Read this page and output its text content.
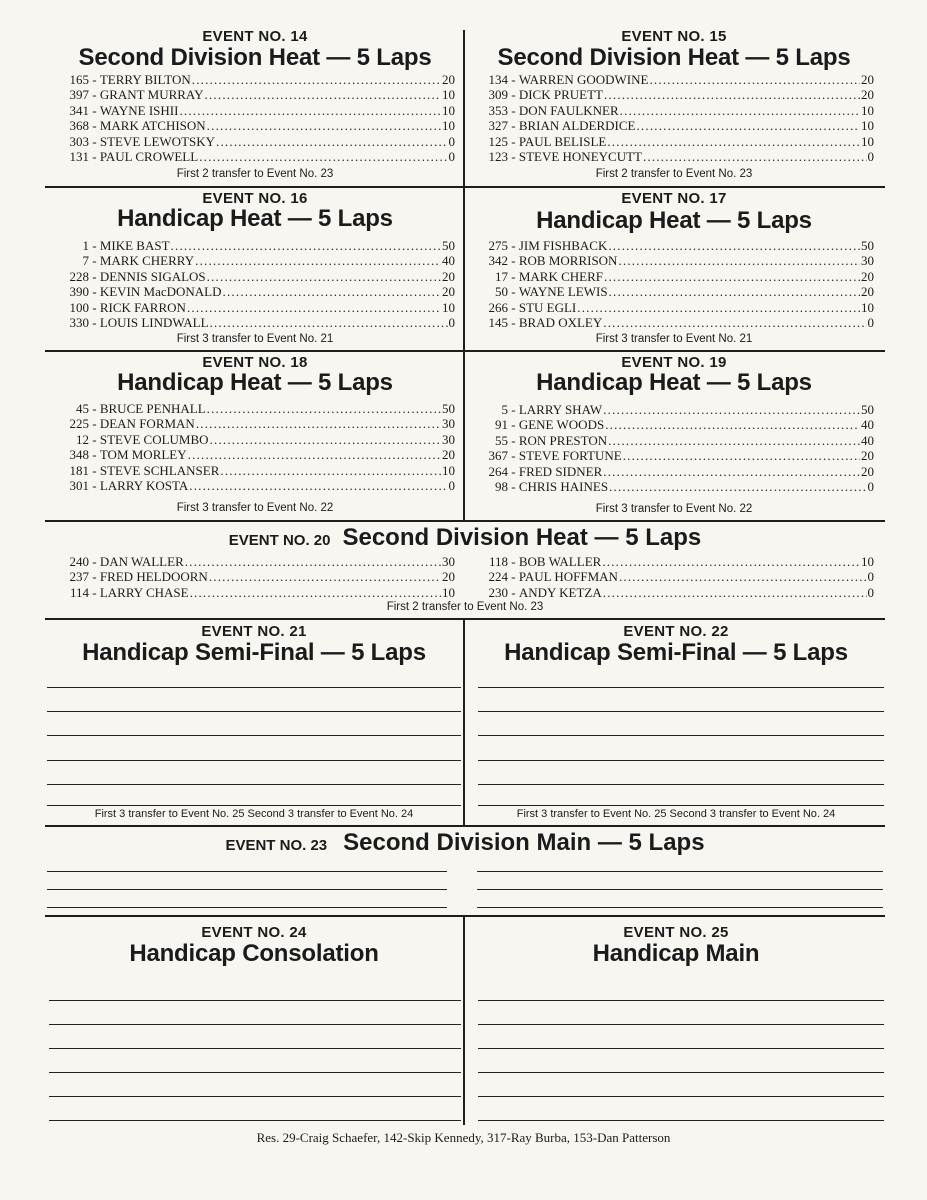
EVENT NO. 14
Second Division Heat — 5 Laps
165 - TERRY BILTON .....	20
397 - GRANT MURRAY .....	10
341 - WAYNE ISHII .....	10
368 - MARK ATCHISON .....	10
303 - STEVE LEWOTSKY .....	0
131 - PAUL CROWELL .....	0
First 2 transfer to Event No. 23
EVENT NO. 15
Second Division Heat — 5 Laps
134 - WARREN GOODWINE .....	20
309 - DICK PRUETT .....	20
353 - DON FAULKNER .....	10
327 - BRIAN ALDERDICE .....	10
125 - PAUL BELISLE .....	10
123 - STEVE HONEYCUTT .....	0
First 2 transfer to Event No. 23
EVENT NO. 16
Handicap Heat — 5 Laps
1 - MIKE BAST .....	50
7 - MARK CHERRY .....	40
228 - DENNIS SIGALOS .....	20
390 - KEVIN MacDONALD .....	20
100 - RICK FARRON .....	10
330 - LOUIS LINDWALL .....	0
First 3 transfer to Event No. 21
EVENT NO. 17
Handicap Heat — 5 Laps
275 - JIM FISHBACK .....	50
342 - ROB MORRISON .....	30
17 - MARK CHERF .....	20
50 - WAYNE LEWIS .....	20
266 - STU EGLI .....	10
145 - BRAD OXLEY .....	0
First 3 transfer to Event No. 21
EVENT NO. 18
Handicap Heat — 5 Laps
45 - BRUCE PENHALL .....	50
225 - DEAN FORMAN .....	30
12 - STEVE COLUMBO .....	30
348 - TOM MORLEY .....	20
181 - STEVE SCHLANSER .....	10
301 - LARRY KOSTA .....	0
First 3 transfer to Event No. 22
EVENT NO. 19
Handicap Heat — 5 Laps
5 - LARRY SHAW .....	50
91 - GENE WOODS .....	40
55 - RON PRESTON .....	40
367 - STEVE FORTUNE .....	20
264 - FRED SIDNER .....	20
98 - CHRIS HAINES .....	0
First 3 transfer to Event No. 22
EVENT NO. 20 Second Division Heat — 5 Laps
240 - DAN WALLER .....	30
237 - FRED HELDOORN .....	20
114 - LARRY CHASE .....	10
118 - BOB WALLER .....	10
224 - PAUL HOFFMAN .....	0
230 - ANDY KETZA .....	0
First 2 transfer to Event No. 23
EVENT NO. 21
Handicap Semi-Final — 5 Laps
First 3 transfer to Event No. 25 Second 3 transfer to Event No. 24
EVENT NO. 22
Handicap Semi-Final — 5 Laps
First 3 transfer to Event No. 25 Second 3 transfer to Event No. 24
EVENT NO. 23 Second Division Main — 5 Laps
EVENT NO. 24
Handicap Consolation
EVENT NO. 25
Handicap Main
Res. 29-Craig Schaefer, 142-Skip Kennedy, 317-Ray Burba, 153-Dan Patterson
